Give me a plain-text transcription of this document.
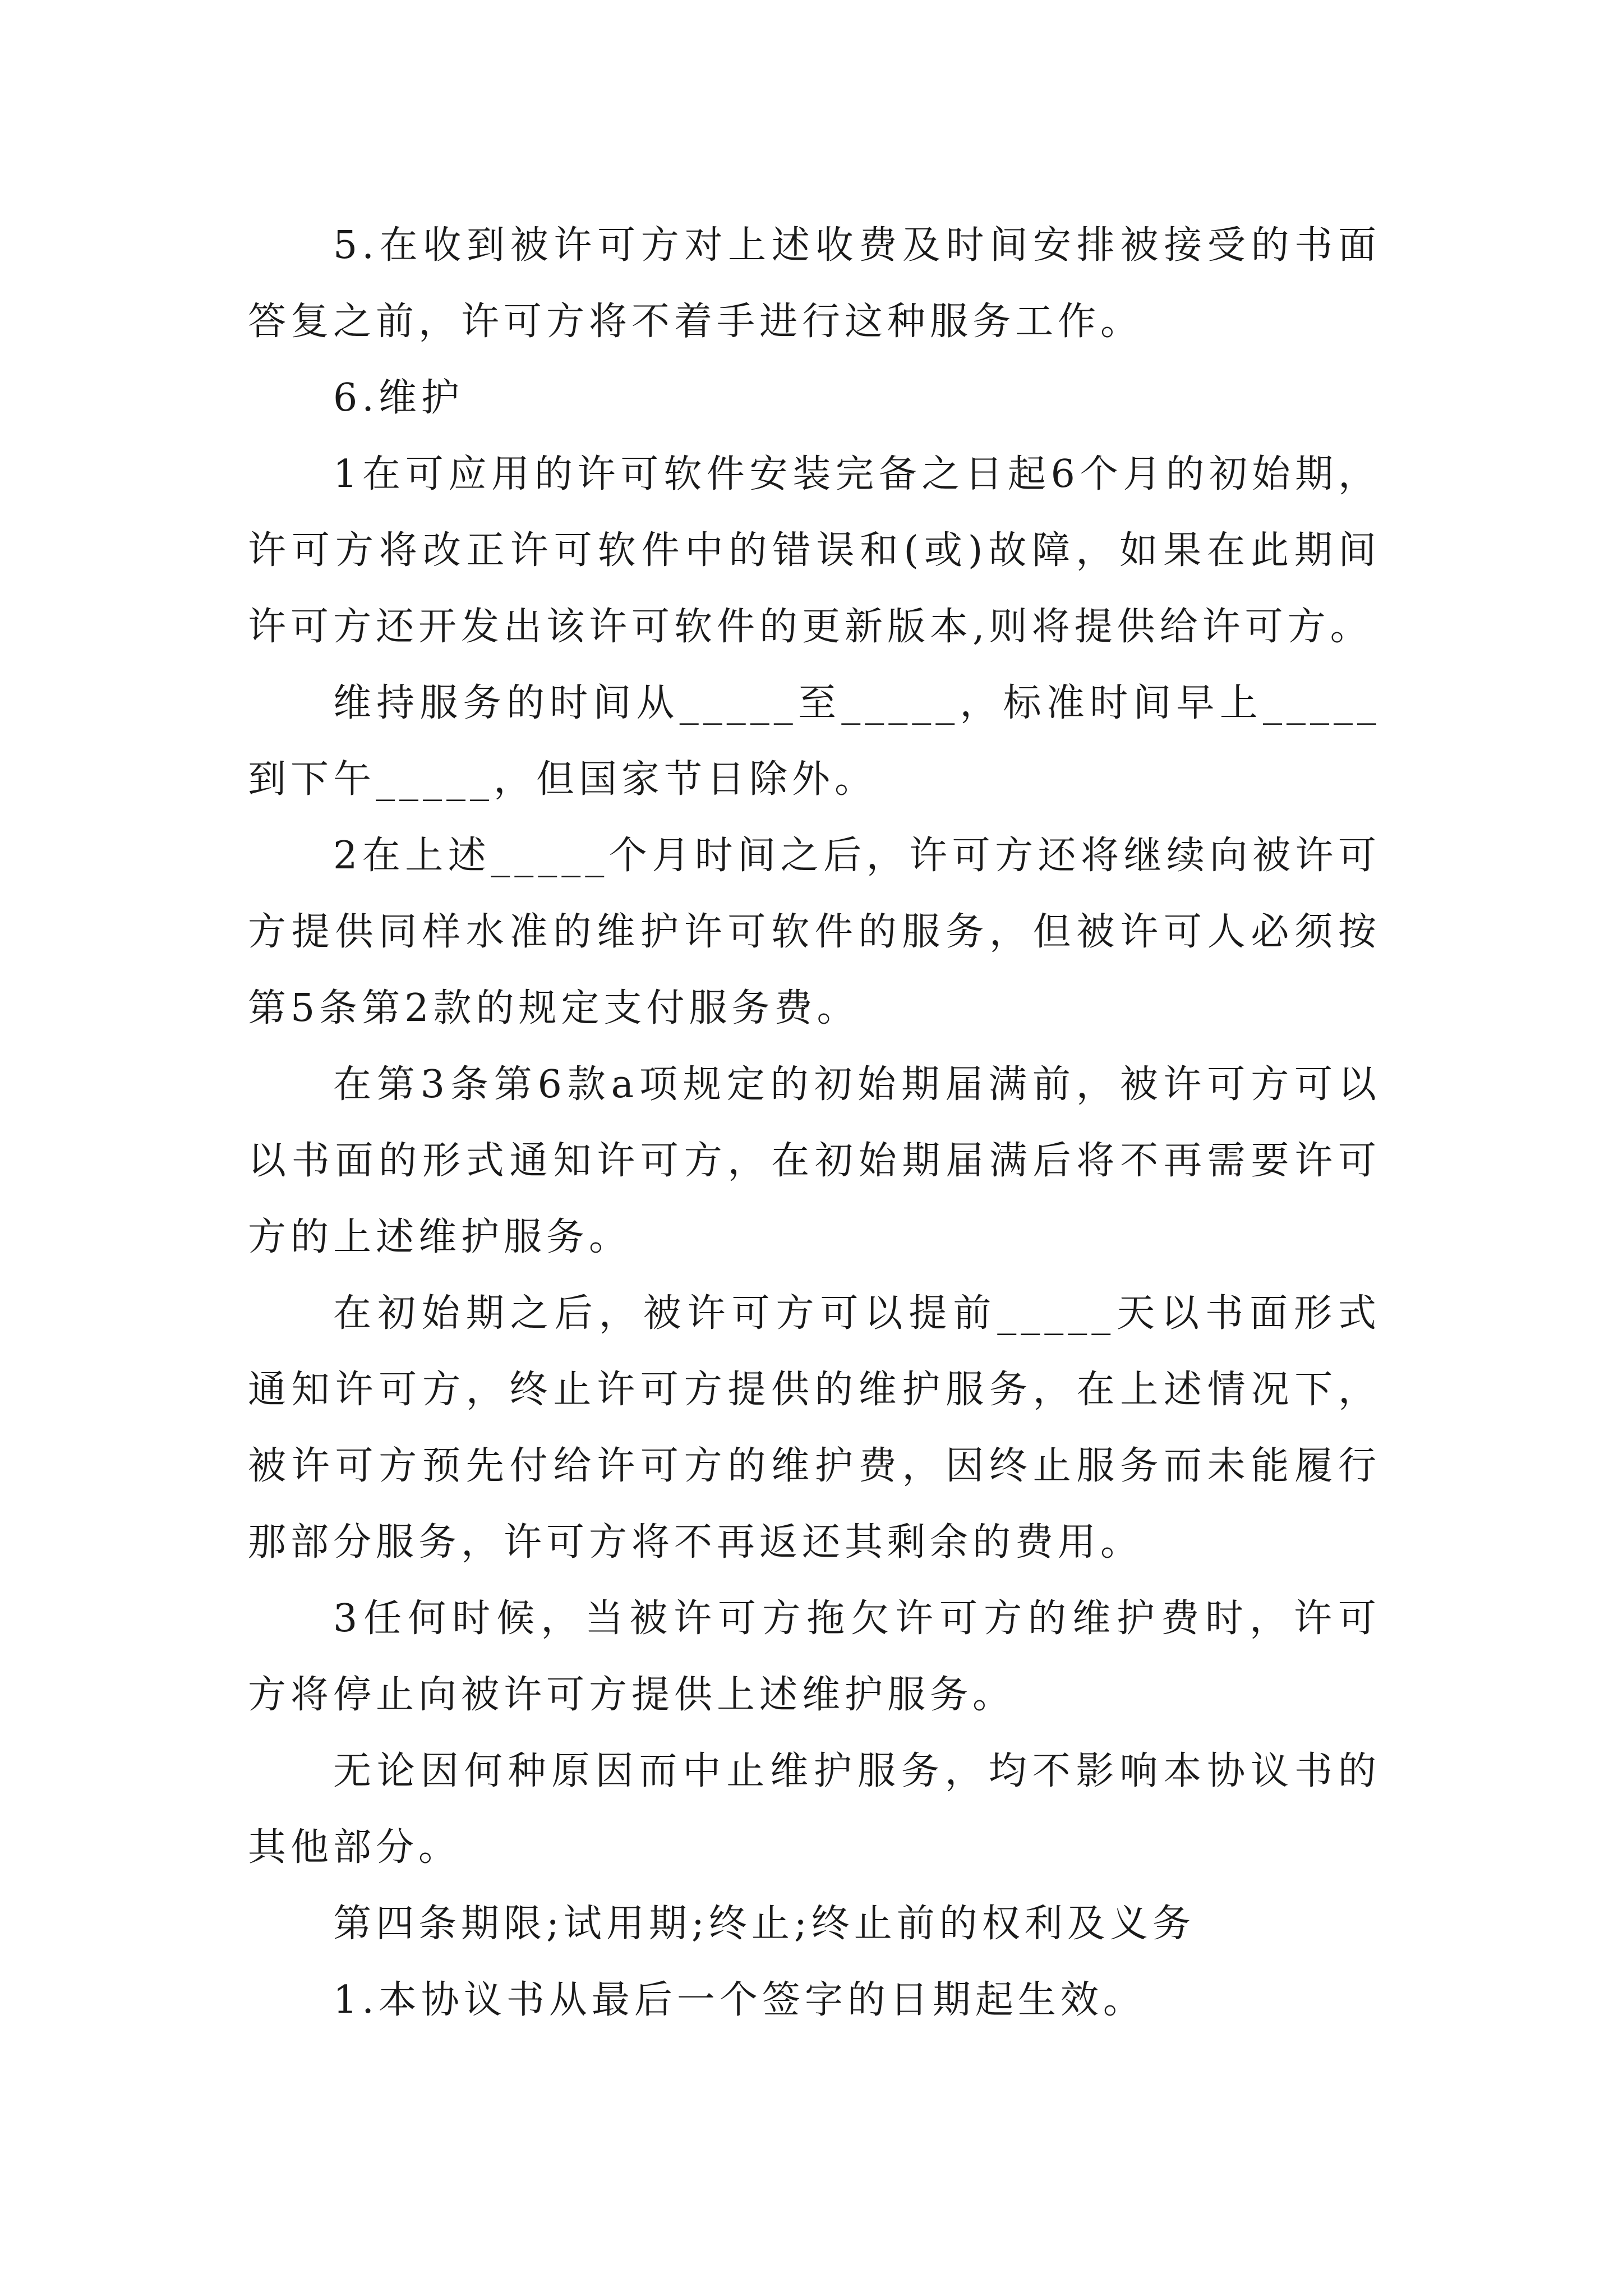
5.在收到被许可方对上述收费及时间安排被接受的书面答复之前，许可方将不着手进行这种服务工作。

6.维护

1在可应用的许可软件安装完备之日起6个月的初始期，许可方将改正许可软件中的错误和(或)故障，如果在此期间许可方还开发出该许可软件的更新版本,则将提供给许可方。

维持服务的时间从_____至_____，标准时间早上_____到下午_____，但国家节日除外。

2在上述_____个月时间之后，许可方还将继续向被许可方提供同样水准的维护许可软件的服务，但被许可人必须按第5条第2款的规定支付服务费。

在第3条第6款a项规定的初始期届满前，被许可方可以以书面的形式通知许可方，在初始期届满后将不再需要许可方的上述维护服务。

在初始期之后，被许可方可以提前_____天以书面形式通知许可方，终止许可方提供的维护服务，在上述情况下，被许可方预先付给许可方的维护费，因终止服务而未能履行那部分服务，许可方将不再返还其剩余的费用。

3任何时候，当被许可方拖欠许可方的维护费时，许可方将停止向被许可方提供上述维护服务。

无论因何种原因而中止维护服务，均不影响本协议书的其他部分。

第四条期限;试用期;终止;终止前的权利及义务

1.本协议书从最后一个签字的日期起生效。
